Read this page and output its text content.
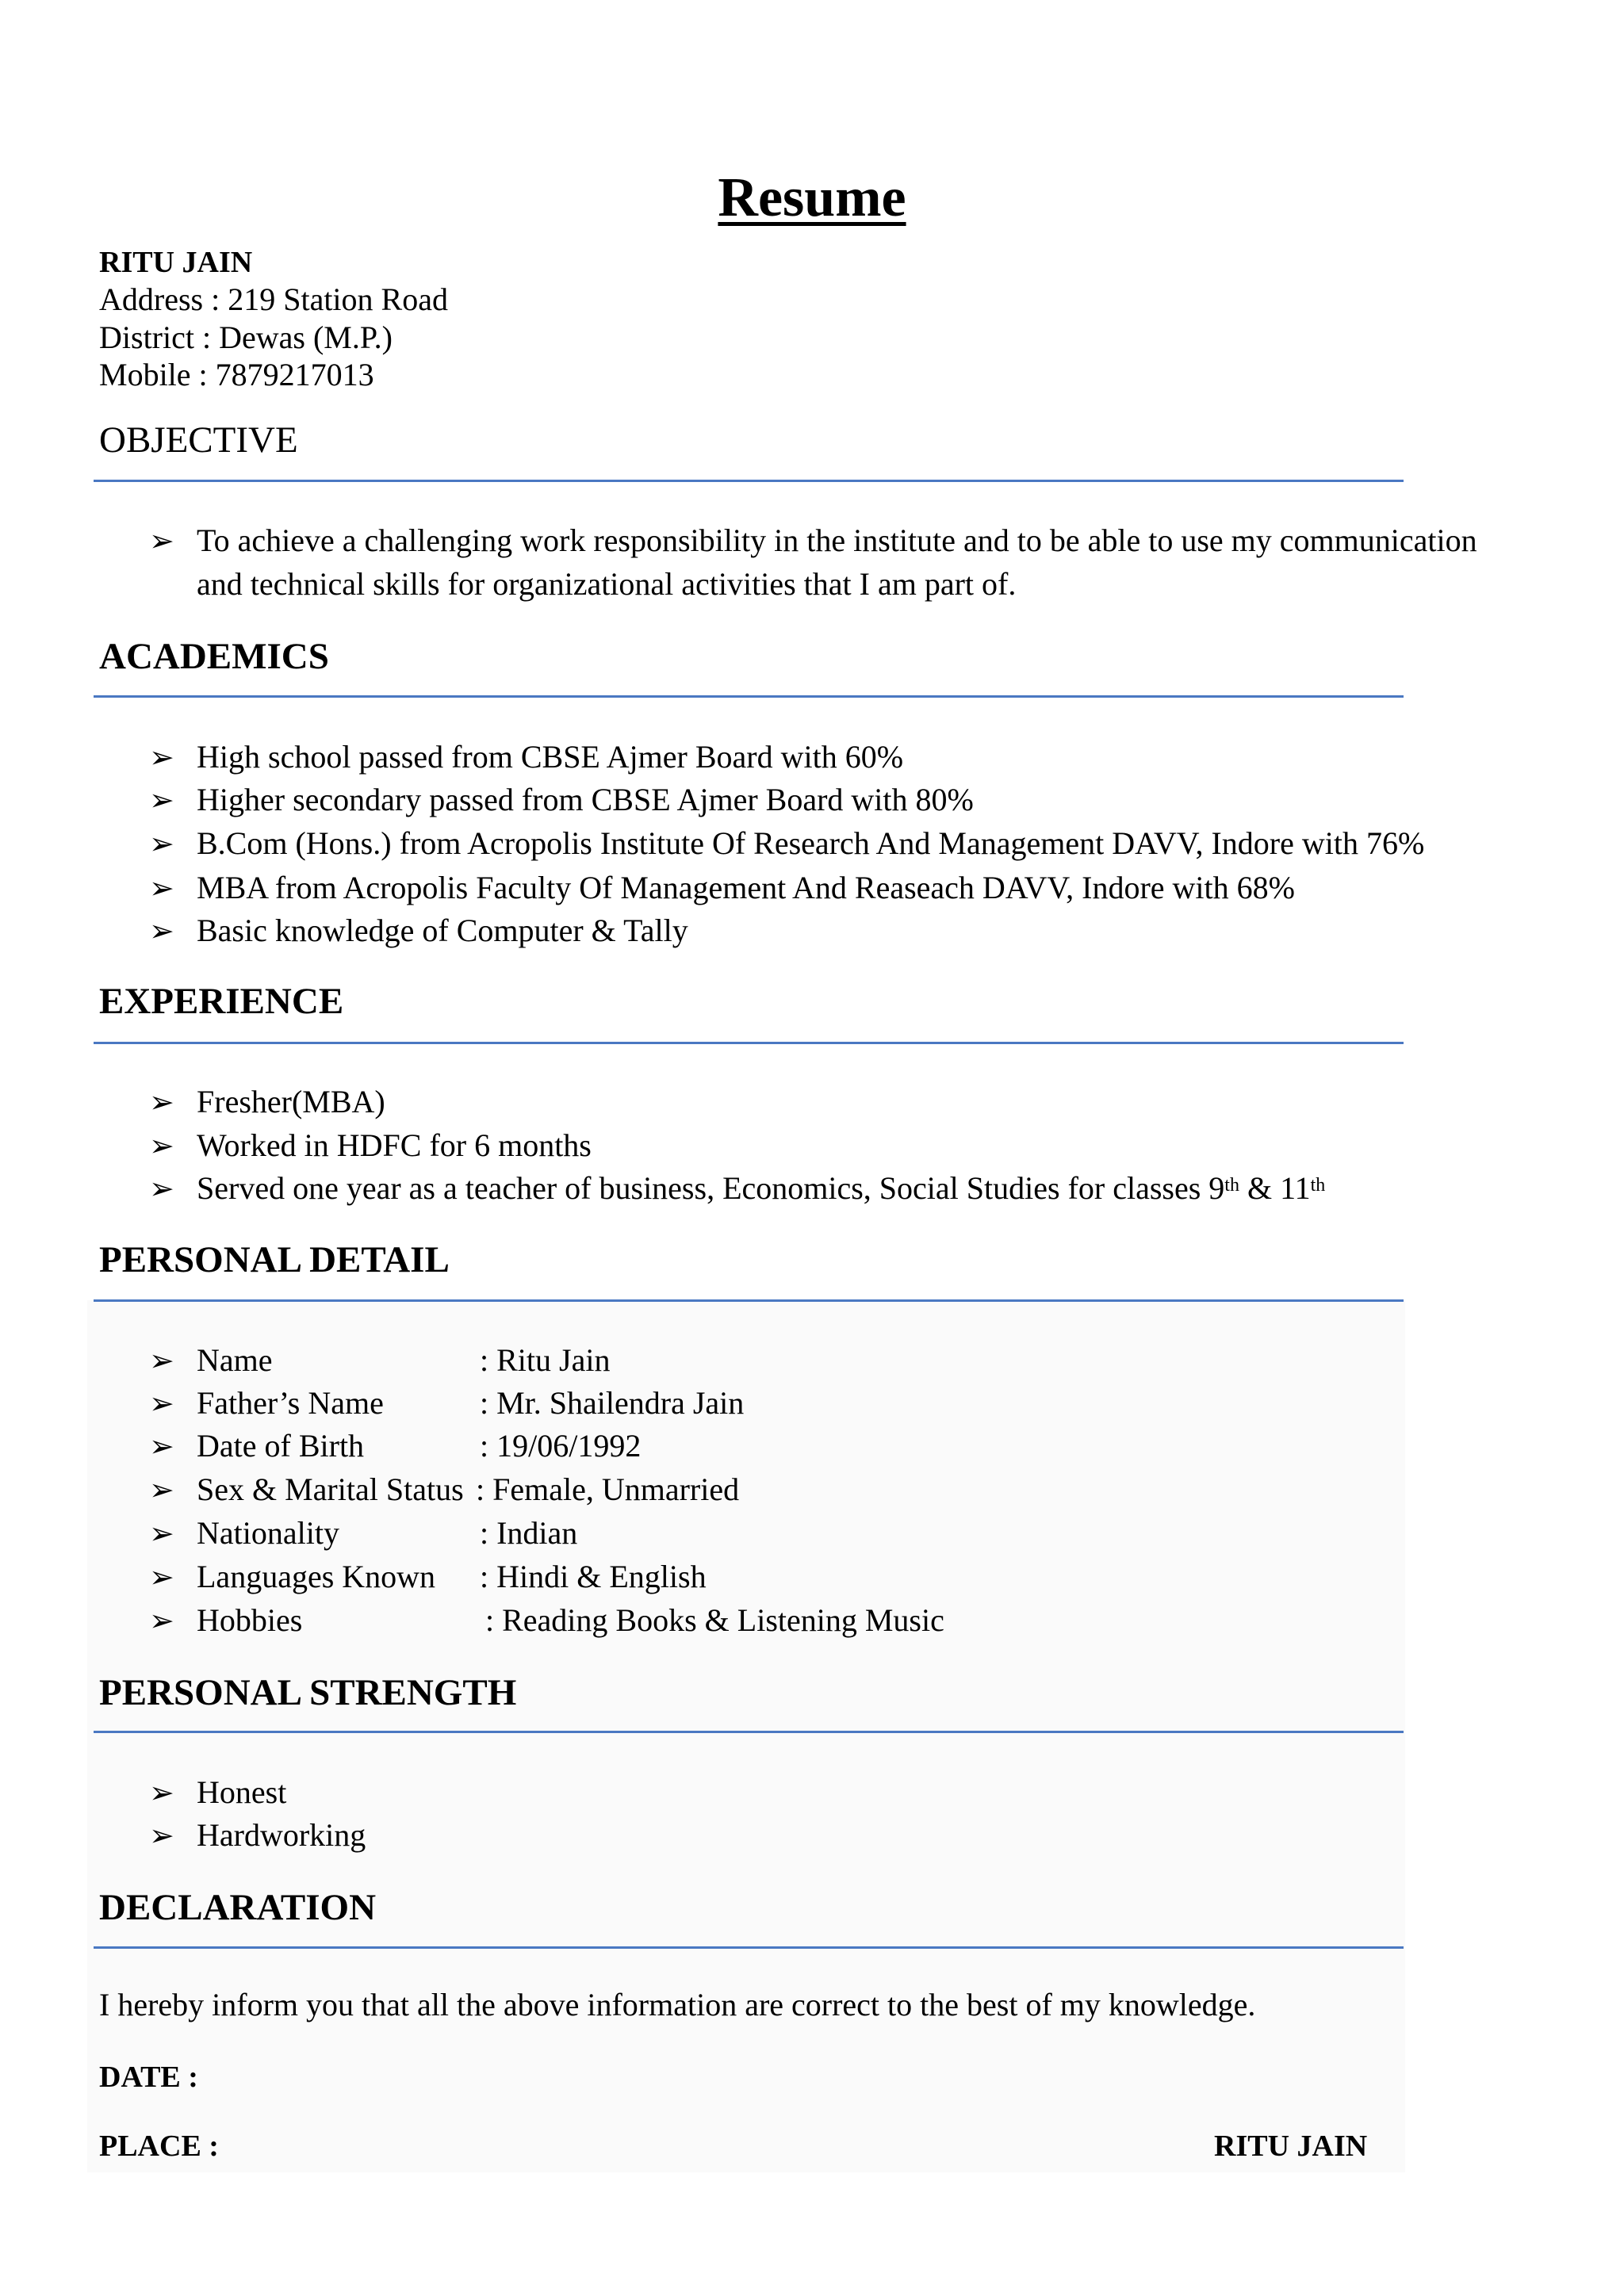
Resume
RITU JAIN
Address : 219 Station Road
District : Dewas (M.P.)
Mobile : 7879217013
OBJECTIVE
➢ To achieve a challenging work responsibility in the institute and to be able to use my communication
and technical skills for organizational activities that I am part of.
ACADEMICS
➢ High school passed from CBSE Ajmer Board with 60%
➢ Higher secondary passed from CBSE Ajmer Board with 80%
➢ B.Com (Hons.) from Acropolis Institute Of Research And Management DAVV, Indore with 76%
➢ MBA from Acropolis Faculty Of Management And Reaseach DAVV, Indore with 68%
➢ Basic knowledge of Computer & Tally
EXPERIENCE
➢ Fresher(MBA)
➢ Worked in HDFC for 6 months
➢ Served one year as a teacher of business, Economics, Social Studies for classes 9th & 11th
PERSONAL DETAIL
➢ Name	: Ritu Jain
➢ Father’s Name	: Mr. Shailendra Jain
➢ Date of Birth	: 19/06/1992
➢ Sex & Marital Status : Female, Unmarried
➢ Nationality	: Indian
➢ Languages Known : Hindi & English
➢ Hobbies	: Reading Books & Listening Music
PERSONAL STRENGTH
➢ Honest
➢ Hardworking
DECLARATION
I hereby inform you that all the above information are correct to the best of my knowledge.
DATE :
PLACE :	RITU JAIN
